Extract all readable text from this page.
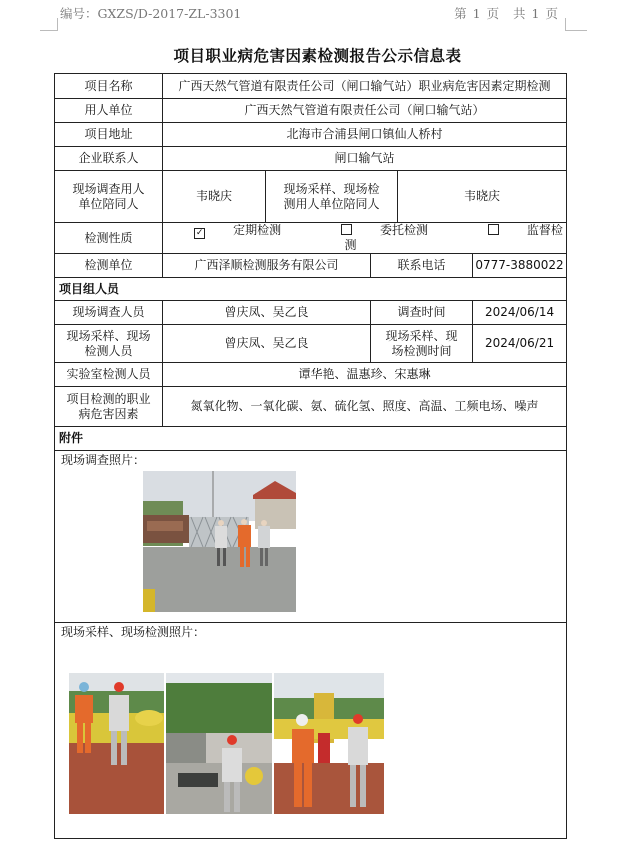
编号：GXZS/D-2017-ZL-3301	第 1 页 共 1 页
项目职业病危害因素检测报告公示信息表
项目名称	广西天然气管道有限责任公司（闸口输气站）职业病危害因素定期检测				
用人单位	广西天然气管道有限责任公司（闸口输气站）				
项目地址	北海市合浦县闸口镇仙人桥村				
企业联系人	闸口输气站				
现场调查用人单位陪同人	韦晓庆	现场采样、现场检测用人单位陪同人		韦晓庆	
检测性质	✓ 定期检测 委托检测 监督检测				
检测单位	广西泽顺检测服务有限公司		联系电话		0777-3880022
项目组人员					
现场调查人员	曾庆凤、吴乙良		调查时间		2024/06/14
现场采样、现场检测人员	曾庆凤、吴乙良		现场采样、现场检测时间		2024/06/21
实验室检测人员	谭华艳、温惠珍、宋惠琳				
项目检测的职业病危害因素	氮氧化物、一氧化碳、氨、硫化氢、照度、高温、工频电场、噪声				
附件					

现场调查照片：					

现场采样、现场检测照片：					
